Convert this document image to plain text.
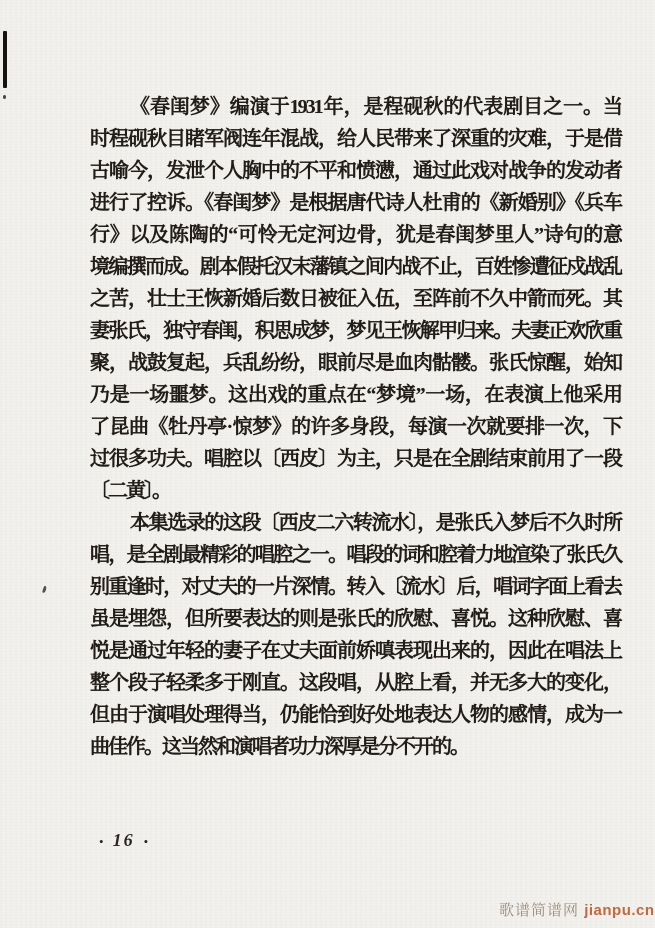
《春闺梦》编演于1931年，是程砚秋的代表剧目之一。当
时程砚秋目睹军阀连年混战，给人民带来了深重的灾难，于是借
古喻今，发泄个人胸中的不平和愤懑，通过此戏对战争的发动者
进行了控诉。《春闺梦》是根据唐代诗人杜甫的《新婚别》《兵车
行》以及陈陶的“可怜无定河边骨，犹是春闺梦里人”诗句的意
境编撰而成。剧本假托汉末藩镇之间内战不止，百姓惨遭征戍战乱
之苦，壮士王恢新婚后数日被征入伍，至阵前不久中箭而死。其
妻张氏，独守春闺，积思成梦，梦见王恢解甲归来。夫妻正欢欣重
聚，战鼓复起，兵乱纷纷，眼前尽是血肉骷髅。张氏惊醒，始知
乃是一场噩梦。这出戏的重点在“梦境”一场，在表演上他采用
了昆曲《牡丹亭·惊梦》的许多身段，每演一次就要排一次，下
过很多功夫。唱腔以〔西皮〕为主，只是在全剧结束前用了一段
〔二黄〕。
本集选录的这段〔西皮二六转流水〕，是张氏入梦后不久时所
唱，是全剧最精彩的唱腔之一。唱段的词和腔着力地渲染了张氏久
别重逢时，对丈夫的一片深情。转入〔流水〕后，唱词字面上看去
虽是埋怨，但所要表达的则是张氏的欣慰、喜悦。这种欣慰、喜
悦是通过年轻的妻子在丈夫面前娇嗔表现出来的，因此在唱法上
整个段子轻柔多于刚直。这段唱，从腔上看，并无多大的变化，
但由于演唱处理得当，仍能恰到好处地表达人物的感情，成为一
曲佳作。这当然和演唱者功力深厚是分不开的。
• 16 •
歌谱简谱网 jianpu.cn
